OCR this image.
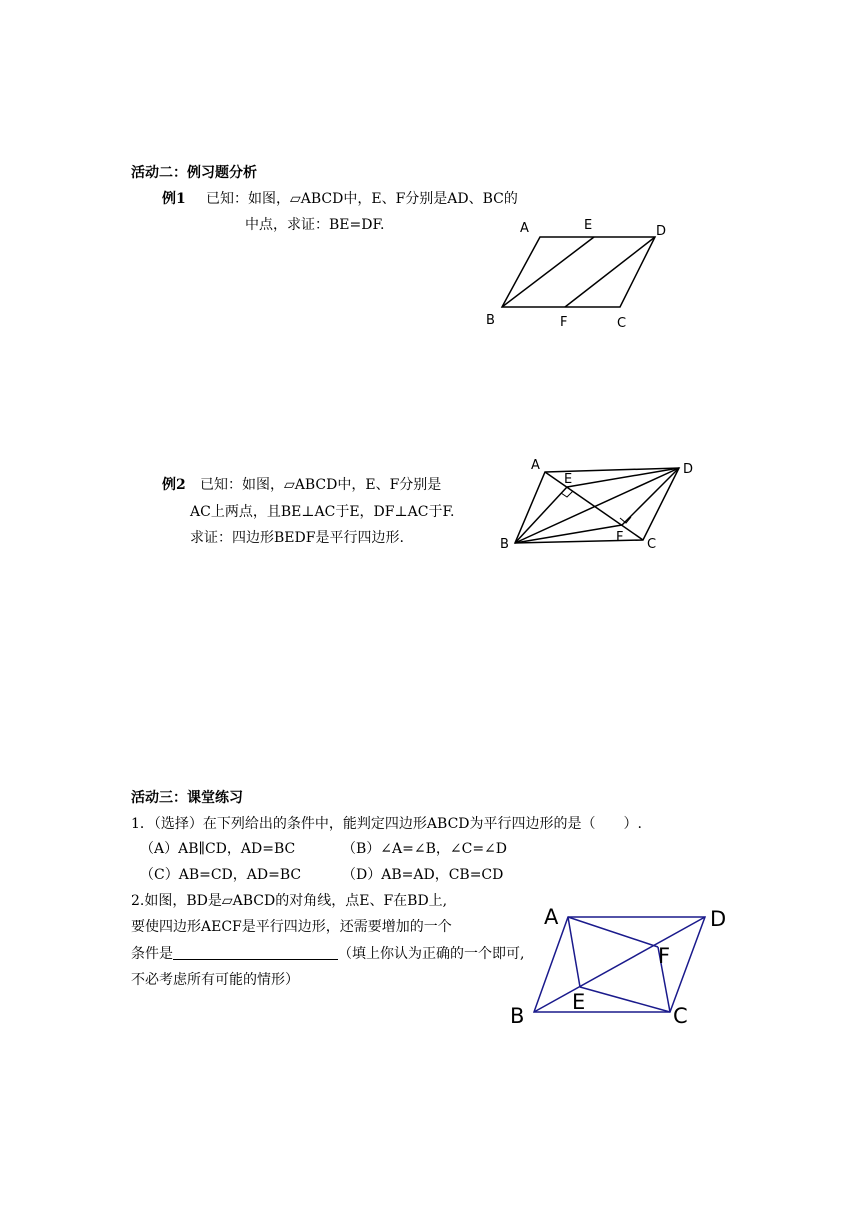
活动二：例习题分析
例1 已知：如图，▱ABCD中，E、F分别是AD、BC的
中点，求证：BE=DF.	A	E	D
B	F	C
例2 已知：如图，▱ABCD中，E、F分别是
AC上两点，且BE⊥AC于E，DF⊥AC于F.
求证：四边形BEDF是平行四边形.
A
E
D
B	F C
活动三：课堂练习
1．（选择）在下列给出的条件中，能判定四边形ABCD为平行四边形的是（　　）.
（A）AB∥CD，AD=BC	（B）∠A=∠B，∠C=∠D
（C）AB=CD，AD=BC	（D）AB=AD，CB=CD
2.如图，BD是▱ABCD的对角线，点E、F在BD上,
要使四边形AECF是平行四边形，还需要增加的一个
条件是	（填上你认为正确的一个即可,
不必考虑所有可能的情形）
A	D
F
E
B	C
